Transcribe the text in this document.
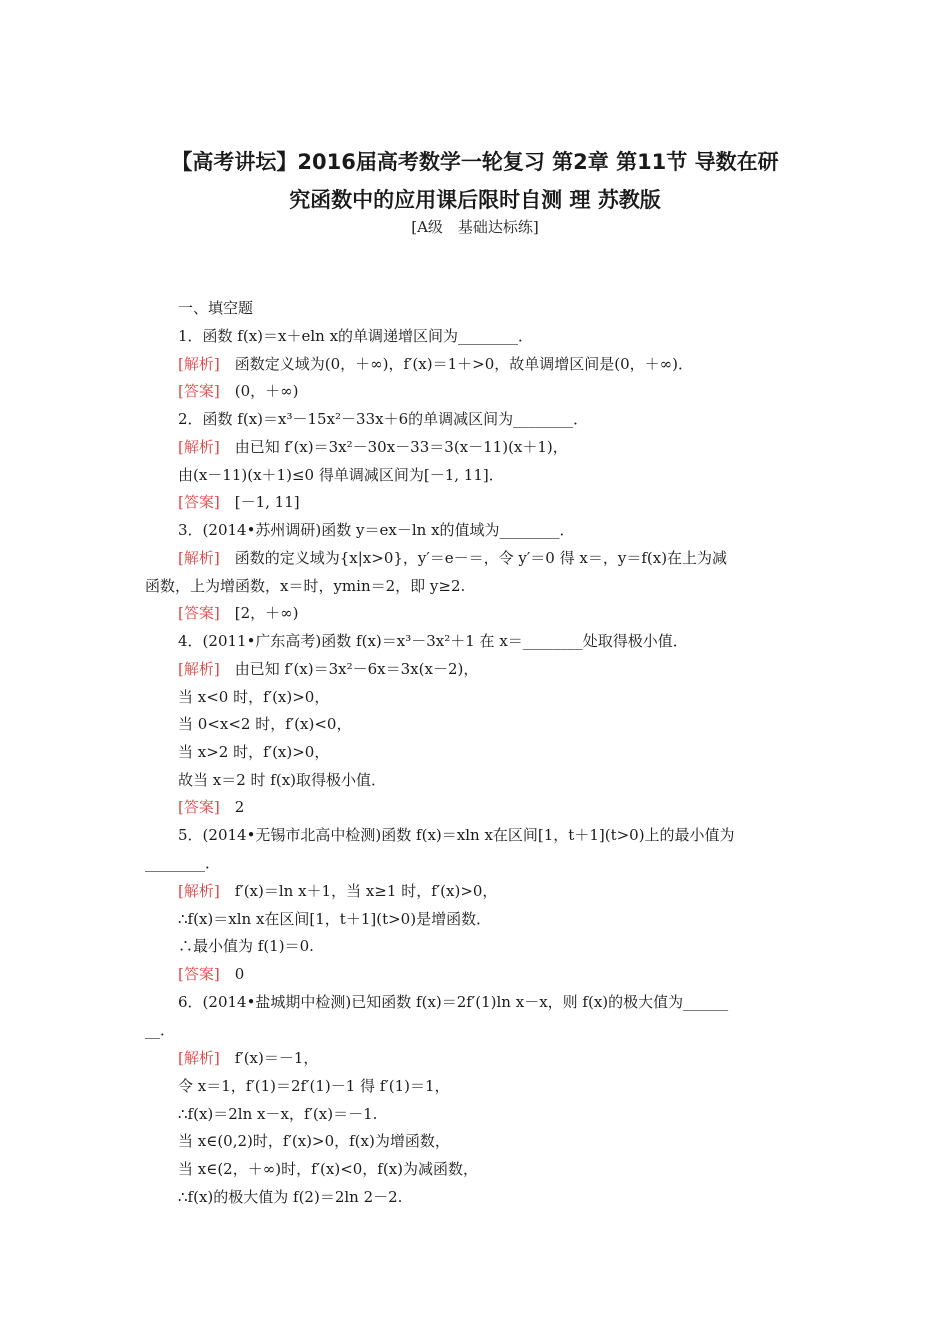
【高考讲坛】2016届高考数学一轮复习 第2章 第11节 导数在研
究函数中的应用课后限时自测 理 苏教版
[A级　基础达标练]
一、填空题
1．函数 f(x)＝x＋eln x的单调递增区间为________．
[解析]　 函数定义域为(0，＋∞)，f′(x)＝1＋>0，故单调增区间是(0，＋∞)．
[答案]　 (0，＋∞)
2．函数 f(x)＝x³－15x²－33x＋6的单调减区间为________．
[解析]　 由已知 f′(x)＝3x²－30x－33＝3(x－11)(x＋1)，
由(x－11)(x＋1)≤0 得单调减区间为[－1, 11]．
[答案]　 [－1, 11]
3．(2014•苏州调研)函数 y＝ex－ln x的值域为________．
[解析]　 函数的定义域为{x|x>0}，y′＝e－＝，令 y′＝0 得 x＝，y＝f(x)在上为减
函数，上为增函数，x＝时，ymin＝2，即 y≥2.
[答案]　 [2，＋∞)
4．(2011•广东高考)函数 f(x)＝x³－3x²＋1 在 x＝________处取得极小值．
[解析]　 由已知 f′(x)＝3x²－6x＝3x(x－2)，
当 x<0 时，f′(x)>0，
当 0<x<2 时，f′(x)<0，
当 x>2 时，f′(x)>0，
故当 x＝2 时 f(x)取得极小值．
[答案]　 2
5．(2014•无锡市北高中检测)函数 f(x)＝xln x在区间[1，t＋1](t>0)上的最小值为
________．
[解析]　 f′(x)＝ln x＋1，当 x≥1 时，f′(x)>0，
∴f(x)＝xln x在区间[1，t＋1](t>0)是增函数．
∴最小值为 f(1)＝0.
[答案]　 0
6．(2014•盐城期中检测)已知函数 f(x)＝2f′(1)ln x－x，则 f(x)的极大值为______
__．
[解析]　 f′(x)＝－1，
令 x＝1，f′(1)＝2f′(1)－1 得 f′(1)＝1，
∴f(x)＝2ln x－x，f′(x)＝－1.
当 x∈(0,2)时，f′(x)>0，f(x)为增函数，
当 x∈(2，＋∞)时，f′(x)<0，f(x)为减函数，
∴f(x)的极大值为 f(2)＝2ln 2－2.
